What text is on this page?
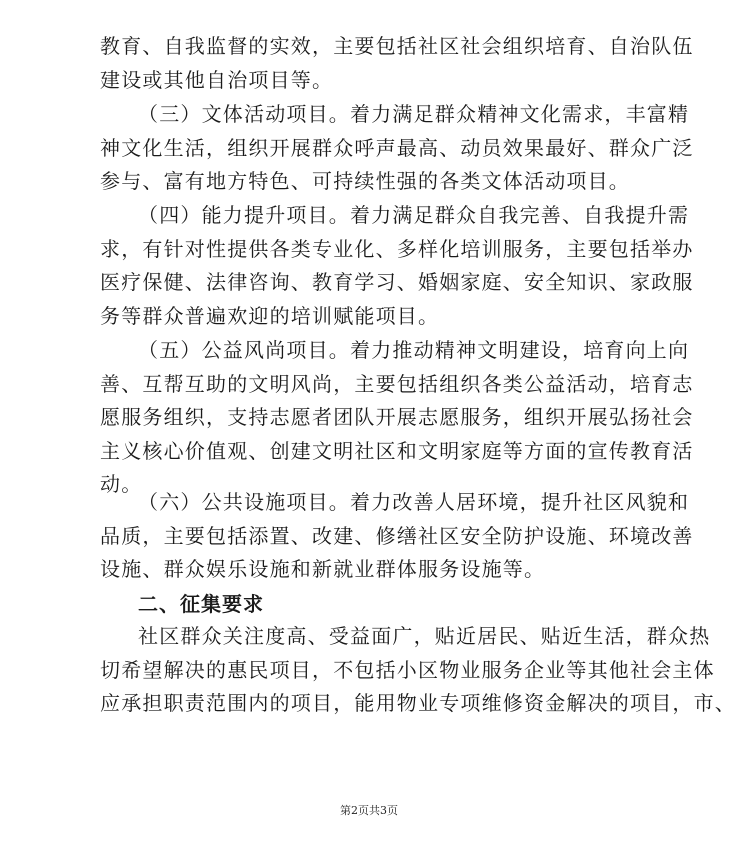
教育、自我监督的实效，主要包括社区社会组织培育、自治队伍
建设或其他自治项目等。

（三）文体活动项目。着力满足群众精神文化需求，丰富精
神文化生活，组织开展群众呼声最高、动员效果最好、群众广泛
参与、富有地方特色、可持续性强的各类文体活动项目。

（四）能力提升项目。着力满足群众自我完善、自我提升需
求，有针对性提供各类专业化、多样化培训服务，主要包括举办
医疗保健、法律咨询、教育学习、婚姻家庭、安全知识、家政服
务等群众普遍欢迎的培训赋能项目。

（五）公益风尚项目。着力推动精神文明建设，培育向上向
善、互帮互助的文明风尚，主要包括组织各类公益活动，培育志
愿服务组织，支持志愿者团队开展志愿服务，组织开展弘扬社会
主义核心价值观、创建文明社区和文明家庭等方面的宣传教育活
动。

（六）公共设施项目。着力改善人居环境，提升社区风貌和
品质，主要包括添置、改建、修缮社区安全防护设施、环境改善
设施、群众娱乐设施和新就业群体服务设施等。

二、征集要求

社区群众关注度高、受益面广，贴近居民、贴近生活，群众热
切希望解决的惠民项目，不包括小区物业服务企业等其他社会主体
应承担职责范围内的项目，能用物业专项维修资金解决的项目，市、

第2页共3页
